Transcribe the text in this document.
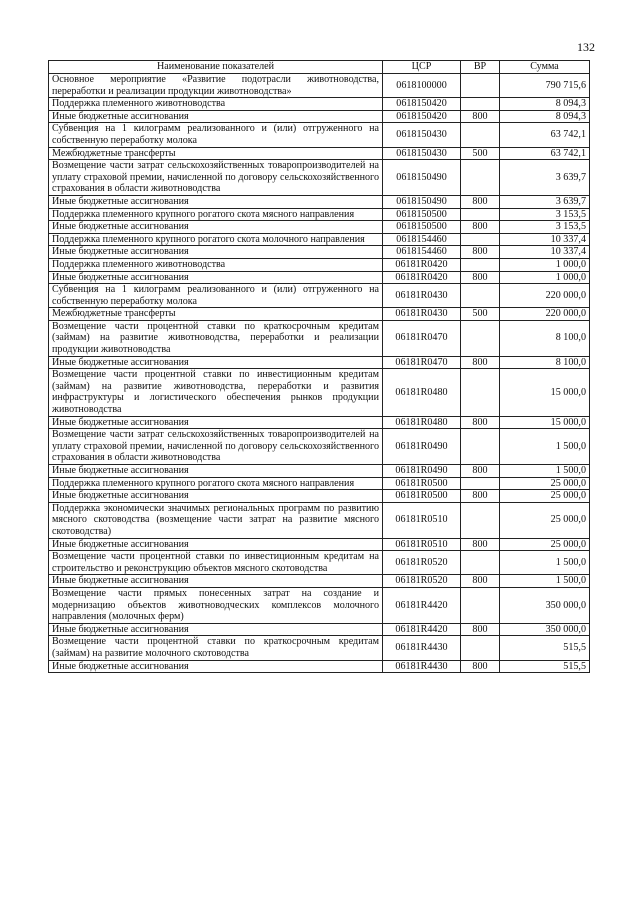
132
Наименование показателей	ЦСР	ВР	Сумма
Основное мероприятие «Развитие подотрасли животноводства, переработки и реализации продукции животноводства»	0618100000		790 715,6
Поддержка племенного животноводства	0618150420		8 094,3
Иные бюджетные ассигнования	0618150420	800	8 094,3
Субвенция на 1 килограмм реализованного и (или) отгруженного на собственную переработку молока	0618150430		63 742,1
Межбюджетные трансферты	0618150430	500	63 742,1
Возмещение части затрат сельскохозяйственных товаропроизводителей на уплату страховой премии, начисленной по договору сельскохозяйственного страхования в области животноводства	0618150490		3 639,7
Иные бюджетные ассигнования	0618150490	800	3 639,7
Поддержка племенного крупного рогатого скота мясного направления	0618150500		3 153,5
Иные бюджетные ассигнования	0618150500	800	3 153,5
Поддержка племенного крупного рогатого скота молочного направления	0618154460		10 337,4
Иные бюджетные ассигнования	0618154460	800	10 337,4
Поддержка племенного животноводства	06181R0420		1 000,0
Иные бюджетные ассигнования	06181R0420	800	1 000,0
Субвенция на 1 килограмм реализованного и (или) отгруженного на собственную переработку молока	06181R0430		220 000,0
Межбюджетные трансферты	06181R0430	500	220 000,0
Возмещение части процентной ставки по краткосрочным кредитам (займам) на развитие животноводства, переработки и реализации продукции животноводства	06181R0470		8 100,0
Иные бюджетные ассигнования	06181R0470	800	8 100,0
Возмещение части процентной ставки по инвестиционным кредитам (займам) на развитие животноводства, переработки и развития инфраструктуры и логистического обеспечения рынков продукции животноводства	06181R0480		15 000,0
Иные бюджетные ассигнования	06181R0480	800	15 000,0
Возмещение части затрат сельскохозяйственных товаропроизводителей на уплату страховой премии, начисленной по договору сельскохозяйственного страхования в области животноводства	06181R0490		1 500,0
Иные бюджетные ассигнования	06181R0490	800	1 500,0
Поддержка племенного крупного рогатого скота мясного направления	06181R0500		25 000,0
Иные бюджетные ассигнования	06181R0500	800	25 000,0
Поддержка экономически значимых региональных программ по развитию мясного скотоводства (возмещение части затрат на развитие мясного скотоводства)	06181R0510		25 000,0
Иные бюджетные ассигнования	06181R0510	800	25 000,0
Возмещение части процентной ставки по инвестиционным кредитам на строительство и реконструкцию объектов мясного скотоводства	06181R0520		1 500,0
Иные бюджетные ассигнования	06181R0520	800	1 500,0
Возмещение части прямых понесенных затрат на создание и модернизацию объектов животноводческих комплексов молочного направления (молочных ферм)	06181R4420		350 000,0
Иные бюджетные ассигнования	06181R4420	800	350 000,0
Возмещение части процентной ставки по краткосрочным кредитам (займам) на развитие молочного скотоводства	06181R4430		515,5
Иные бюджетные ассигнования	06181R4430	800	515,5
